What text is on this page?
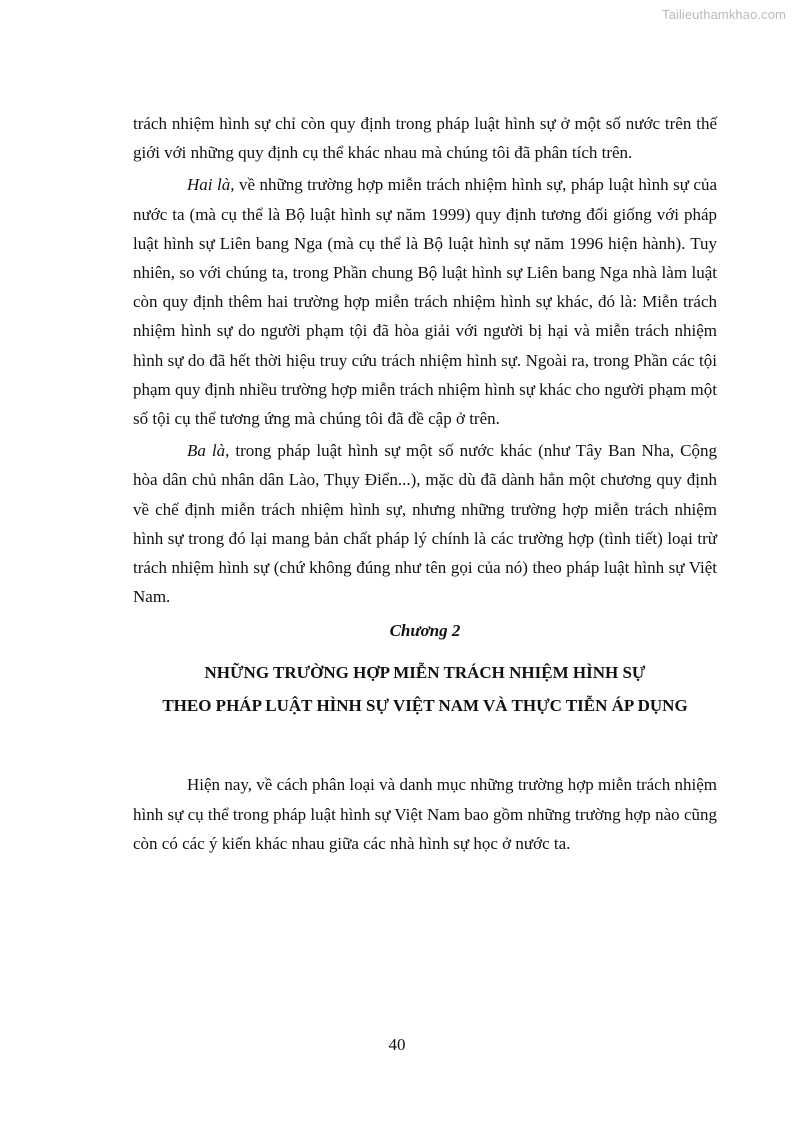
Tailieuthamkhao.com

trách nhiệm hình sự chỉ còn quy định trong pháp luật hình sự ở một số nước trên thế giới với những quy định cụ thể khác nhau mà chúng tôi đã phân tích trên.

Hai là, về những trường hợp miễn trách nhiệm hình sự, pháp luật hình sự của nước ta (mà cụ thể là Bộ luật hình sự năm 1999) quy định tương đối giống với pháp luật hình sự Liên bang Nga (mà cụ thể là Bộ luật hình sự năm 1996 hiện hành). Tuy nhiên, so với chúng ta, trong Phần chung Bộ luật hình sự Liên bang Nga nhà làm luật còn quy định thêm hai trường hợp miễn trách nhiệm hình sự khác, đó là: Miễn trách nhiệm hình sự do người phạm tội đã hòa giải với người bị hại và miễn trách nhiệm hình sự do đã hết thời hiệu truy cứu trách nhiệm hình sự. Ngoài ra, trong Phần các tội phạm quy định nhiều trường hợp miễn trách nhiệm hình sự khác cho người phạm một số tội cụ thể tương ứng mà chúng tôi đã đề cập ở trên.

Ba là, trong pháp luật hình sự một số nước khác (như Tây Ban Nha, Cộng hòa dân chủ nhân dân Lào, Thụy Điển...), mặc dù đã dành hẳn một chương quy định về chế định miễn trách nhiệm hình sự, nhưng những trường hợp miễn trách nhiệm hình sự trong đó lại mang bản chất pháp lý chính là các trường hợp (tình tiết) loại trừ trách nhiệm hình sự (chứ không đúng như tên gọi của nó) theo pháp luật hình sự Việt Nam.

Chương 2
NHỮNG TRƯỜNG HỢP MIỄN TRÁCH NHIỆM HÌNH SỰ
THEO PHÁP LUẬT HÌNH SỰ VIỆT NAM VÀ THỰC TIỄN ÁP DỤNG

Hiện nay, về cách phân loại và danh mục những trường hợp miễn trách nhiệm hình sự cụ thể trong pháp luật hình sự Việt Nam bao gồm những trường hợp nào cũng còn có các ý kiến khác nhau giữa các nhà hình sự học ở nước ta.

40
